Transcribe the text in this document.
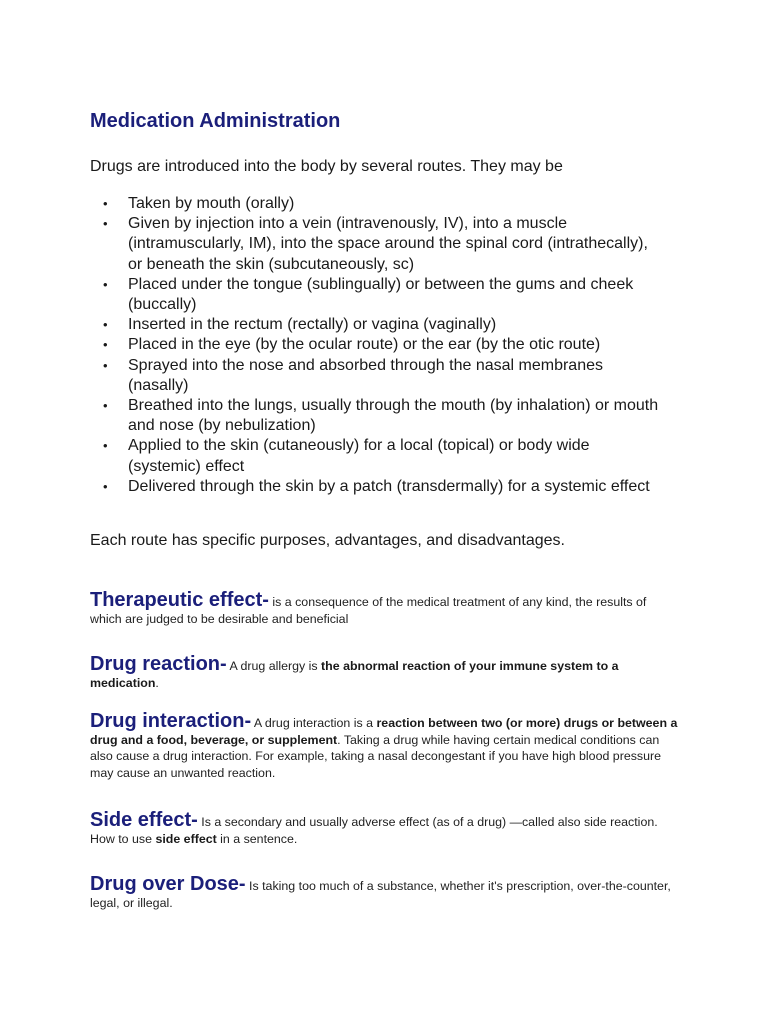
Medication Administration

Drugs are introduced into the body by several routes. They may be

• Taken by mouth (orally)
• Given by injection into a vein (intravenously, IV), into a muscle (intramuscularly, IM), into the space around the spinal cord (intrathecally), or beneath the skin (subcutaneously, sc)
• Placed under the tongue (sublingually) or between the gums and cheek (buccally)
• Inserted in the rectum (rectally) or vagina (vaginally)
• Placed in the eye (by the ocular route) or the ear (by the otic route)
• Sprayed into the nose and absorbed through the nasal membranes (nasally)
• Breathed into the lungs, usually through the mouth (by inhalation) or mouth and nose (by nebulization)
• Applied to the skin (cutaneously) for a local (topical) or body wide (systemic) effect
• Delivered through the skin by a patch (transdermally) for a systemic effect

Each route has specific purposes, advantages, and disadvantages.

Therapeutic effect- is a consequence of the medical treatment of any kind, the results of which are judged to be desirable and beneficial

Drug reaction- A drug allergy is the abnormal reaction of your immune system to a medication.

Drug interaction- A drug interaction is a reaction between two (or more) drugs or between a drug and a food, beverage, or supplement. Taking a drug while having certain medical conditions can also cause a drug interaction. For example, taking a nasal decongestant if you have high blood pressure may cause an unwanted reaction.

Side effect- Is a secondary and usually adverse effect (as of a drug) —called also side reaction. How to use side effect in a sentence.

Drug over Dose- Is taking too much of a substance, whether it's prescription, over-the-counter, legal, or illegal.
